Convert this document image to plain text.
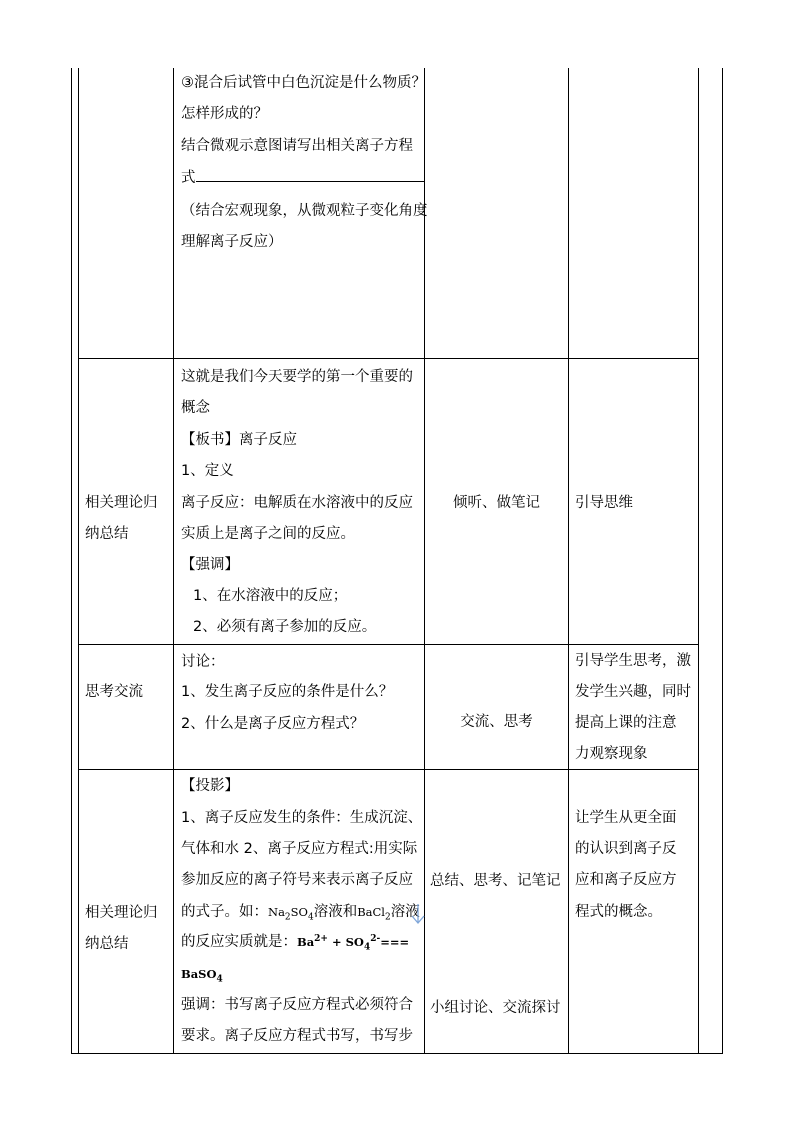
③混合后试管中白色沉淀是什么物质？
怎样形成的？
结合微观示意图请写出相关离子方程
式
（结合宏观现象，从微观粒子变化角度
理解离子反应）
相关理论归
纳总结
这就是我们今天要学的第一个重要的
概念
【板书】离子反应
1、定义
离子反应：电解质在水溶液中的反应
实质上是离子之间的反应。
【强调】
1、在水溶液中的反应；
2、必须有离子参加的反应。
倾听、做笔记	引导思维
思考交流
讨论：
1、发生离子反应的条件是什么？
2、什么是离子反应方程式？	交流、思考
引导学生思考，激
发学生兴趣，同时
提高上课的注意
力观察现象
相关理论归
纳总结
【投影】
1、离子反应发生的条件：生成沉淀、
气体和水 2、离子反应方程式:用实际
参加反应的离子符号来表示离子反应
的式子。如：$Na_2SO_4$溶液和BaCl$_2$溶液
的反应实质就是：$Ba^{2+} + SO_4^{2-}===$
BaSO$_4$
强调：书写离子反应方程式必须符合
要求。离子反应方程式书写，书写步
总结、思考、记笔记
小组讨论、交流探讨
让学生从更全面
的认识到离子反
应和离子反应方
程式的概念。
